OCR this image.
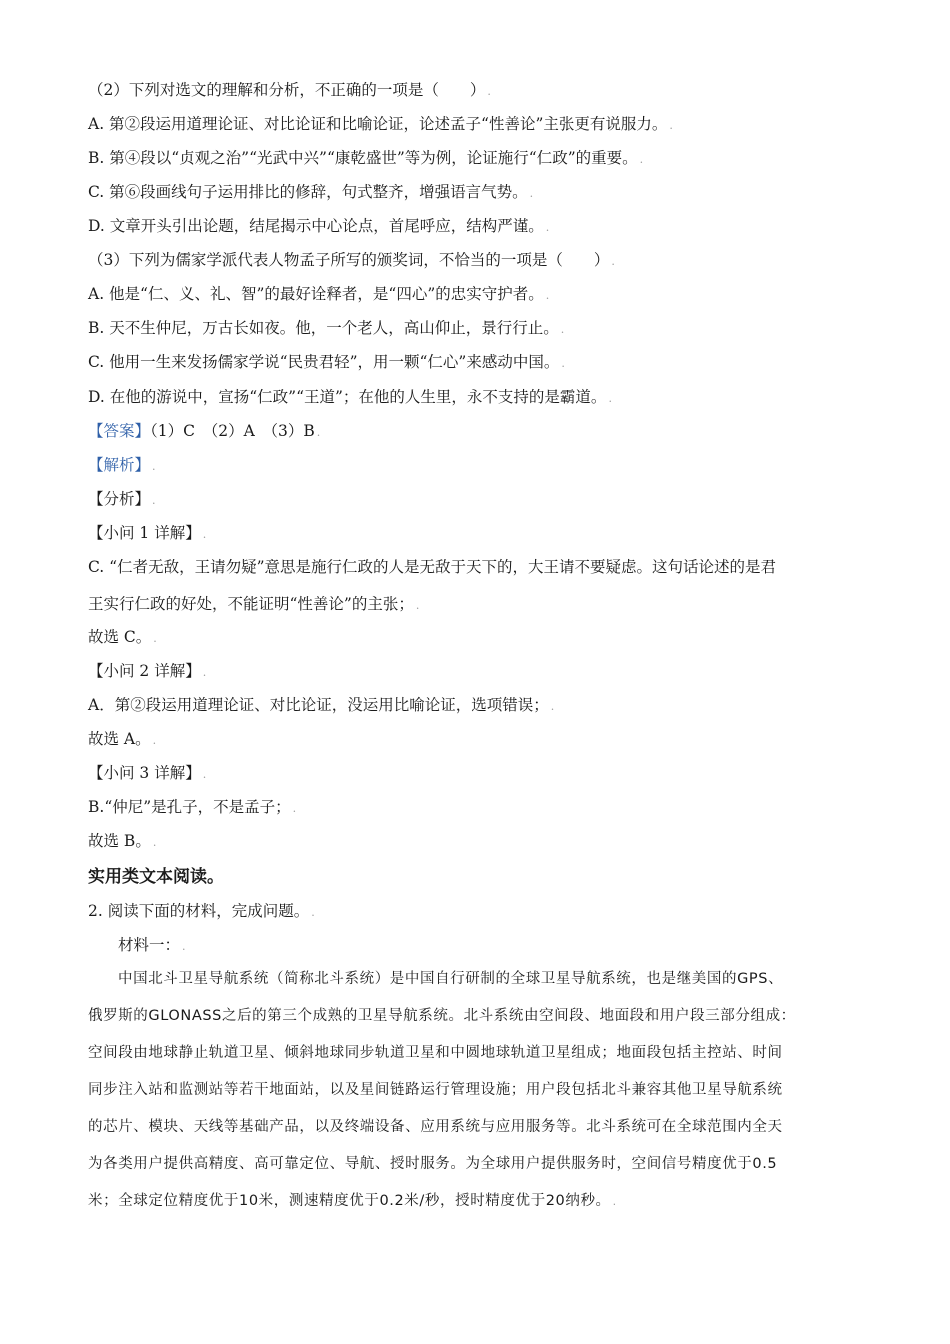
（2）下列对选文的理解和分析，不正确的一项是（　　） .
A. 第②段运用道理论证、对比论证和比喻论证，论述孟子“性善论”主张更有说服力。 .
B. 第④段以“贞观之治”“光武中兴”“康乾盛世”等为例，论证施行“仁政”的重要。 .
C. 第⑥段画线句子运用排比的修辞，句式整齐，增强语言气势。 .
D. 文章开头引出论题，结尾揭示中心论点，首尾呼应，结构严谨。 .
（3）下列为儒家学派代表人物孟子所写的颁奖词，不恰当的一项是（　　） .
A. 他是“仁、义、礼、智”的最好诠释者，是“四心”的忠实守护者。 .
B. 天不生仲尼，万古长如夜。他，一个老人，高山仰止，景行行止。 .
C. 他用一生来发扬儒家学说“民贵君轻”，用一颗“仁心”来感动中国。 .
D. 在他的游说中，宣扬“仁政”“王道”；在他的人生里，永不支持的是霸道。 .
【答案】（1）C　（2）A　（3）B .
【解析】 .
【分析】 .
【小问 1 详解】 .
C. “仁者无敌，王请勿疑”意思是施行仁政的人是无敌于天下的，大王请不要疑虑。这句话论述的是君
王实行仁政的好处，不能证明“性善论”的主张； .
故选 C。 .
【小问 2 详解】 .
A．第②段运用道理论证、对比论证，没运用比喻论证，选项错误； .
故选 A。 .
【小问 3 详解】 .
B.“仲尼”是孔子，不是孟子； .
故选 B。 .
实用类文本阅读。
2. 阅读下面的材料，完成问题。 .
材料一： .
中国北斗卫星导航系统（简称北斗系统）是中国自行研制的全球卫星导航系统，也是继美国的GPS、
俄罗斯的GLONASS之后的第三个成熟的卫星导航系统。北斗系统由空间段、地面段和用户段三部分组成：
空间段由地球静止轨道卫星、倾斜地球同步轨道卫星和中圆地球轨道卫星组成；地面段包括主控站、时间
同步注入站和监测站等若干地面站，以及星间链路运行管理设施；用户段包括北斗兼容其他卫星导航系统
的芯片、模块、天线等基础产品，以及终端设备、应用系统与应用服务等。北斗系统可在全球范围内全天
为各类用户提供高精度、高可靠定位、导航、授时服务。为全球用户提供服务时，空间信号精度优于0.5
米；全球定位精度优于10米，测速精度优于0.2米/秒，授时精度优于20纳秒。 .
